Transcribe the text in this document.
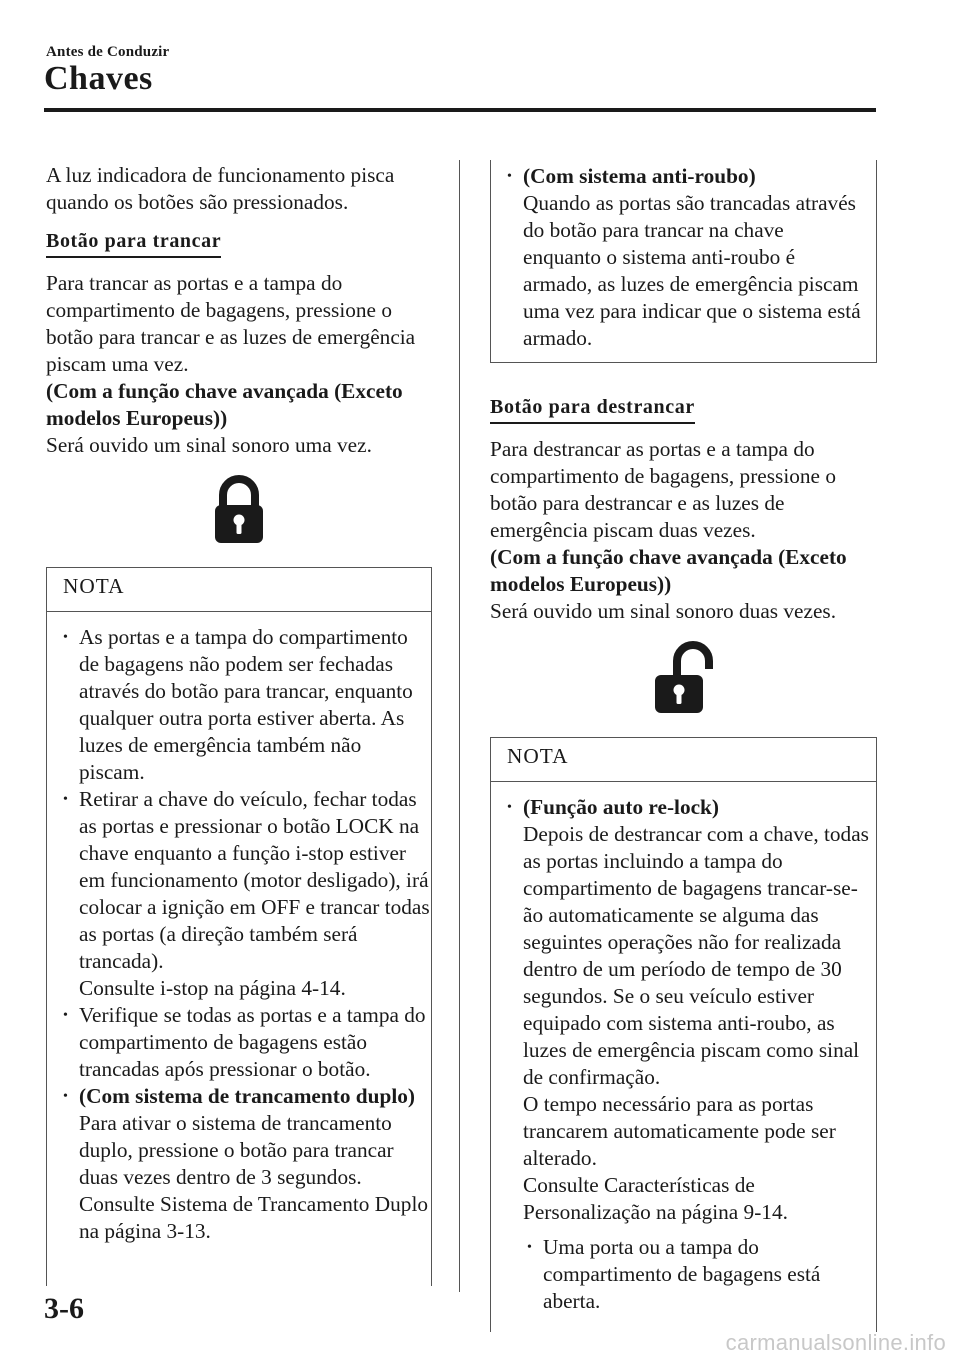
Antes de Conduzir
Chaves

A luz indicadora de funcionamento pisca quando os botões são pressionados.

Botão para trancar

Para trancar as portas e a tampa do compartimento de bagagens, pressione o botão para trancar e as luzes de emergência piscam uma vez.

(Com a função chave avançada (Exceto modelos Europeus))

Será ouvido um sinal sonoro uma vez.

NOTA
• As portas e a tampa do compartimento de bagagens não podem ser fechadas através do botão para trancar, enquanto qualquer outra porta estiver aberta. As luzes de emergência também não piscam.
• Retirar a chave do veículo, fechar todas as portas e pressionar o botão LOCK na chave enquanto a função i-stop estiver em funcionamento (motor desligado), irá colocar a ignição em OFF e trancar todas as portas (a direção também será trancada).
Consulte i-stop na página 4-14.
• Verifique se todas as portas e a tampa do compartimento de bagagens estão trancadas após pressionar o botão.
• (Com sistema de trancamento duplo)
Para ativar o sistema de trancamento duplo, pressione o botão para trancar duas vezes dentro de 3 segundos.
Consulte Sistema de Trancamento Duplo na página 3-13.
• (Com sistema anti-roubo)
Quando as portas são trancadas através do botão para trancar na chave enquanto o sistema anti-roubo é armado, as luzes de emergência piscam uma vez para indicar que o sistema está armado.
Botão para destrancar

Para destrancar as portas e a tampa do compartimento de bagagens, pressione o botão para destrancar e as luzes de emergência piscam duas vezes.

(Com a função chave avançada (Exceto modelos Europeus))

Será ouvido um sinal sonoro duas vezes.

NOTA
• (Função auto re-lock)
Depois de destrancar com a chave, todas as portas incluindo a tampa do compartimento de bagagens trancar-se-ão automaticamente se alguma das seguintes operações não for realizada dentro de um período de tempo de 30 segundos. Se o seu veículo estiver equipado com sistema anti-roubo, as luzes de emergência piscam como sinal de confirmação.
O tempo necessário para as portas trancarem automaticamente pode ser alterado.
Consulte Características de Personalização na página 9-14.
• Uma porta ou a tampa do compartimento de bagagens está aberta.
3-6
carmanualsonline.info
